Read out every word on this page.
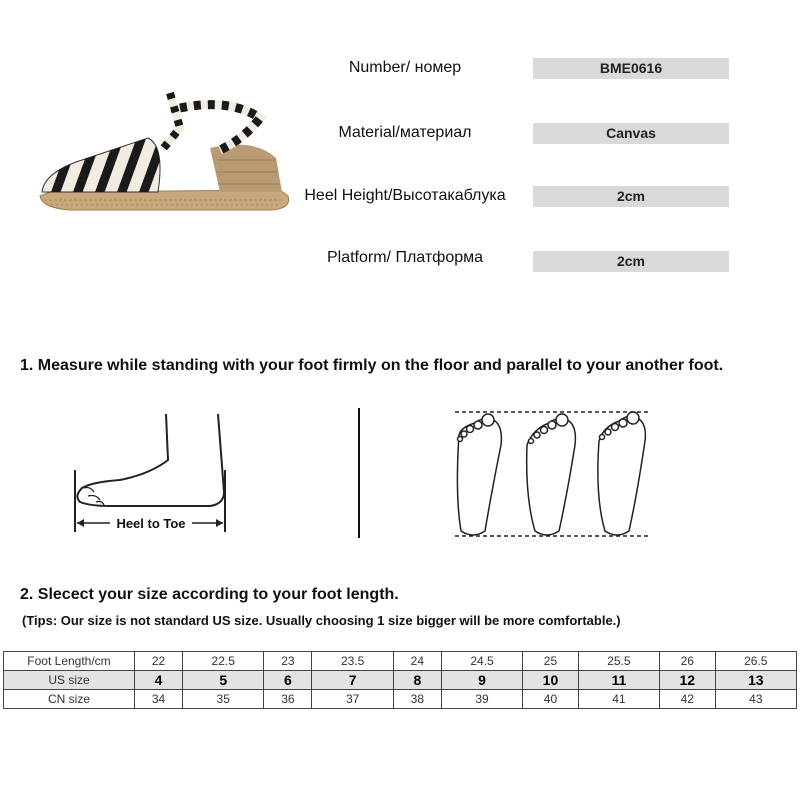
Number/ номер	BME0616
Material/материал	Canvas
Heel Height/Высотакаблука	2cm
Platform/ Платформа	2cm
1. Measure while standing with your foot firmly on the floor and parallel to your another foot.
Heel to Toe
2. Slecect your size according to your foot length.
(Tips: Our size is not standard US size. Usually choosing 1 size bigger will be more comfortable.)
Foot Length/cm	22	22.5	23	23.5	24	24.5	25	25.5	26	26.5
US size	4	5	6	7	8	9	10	11	12	13
CN size	34	35	36	37	38	39	40	41	42	43
